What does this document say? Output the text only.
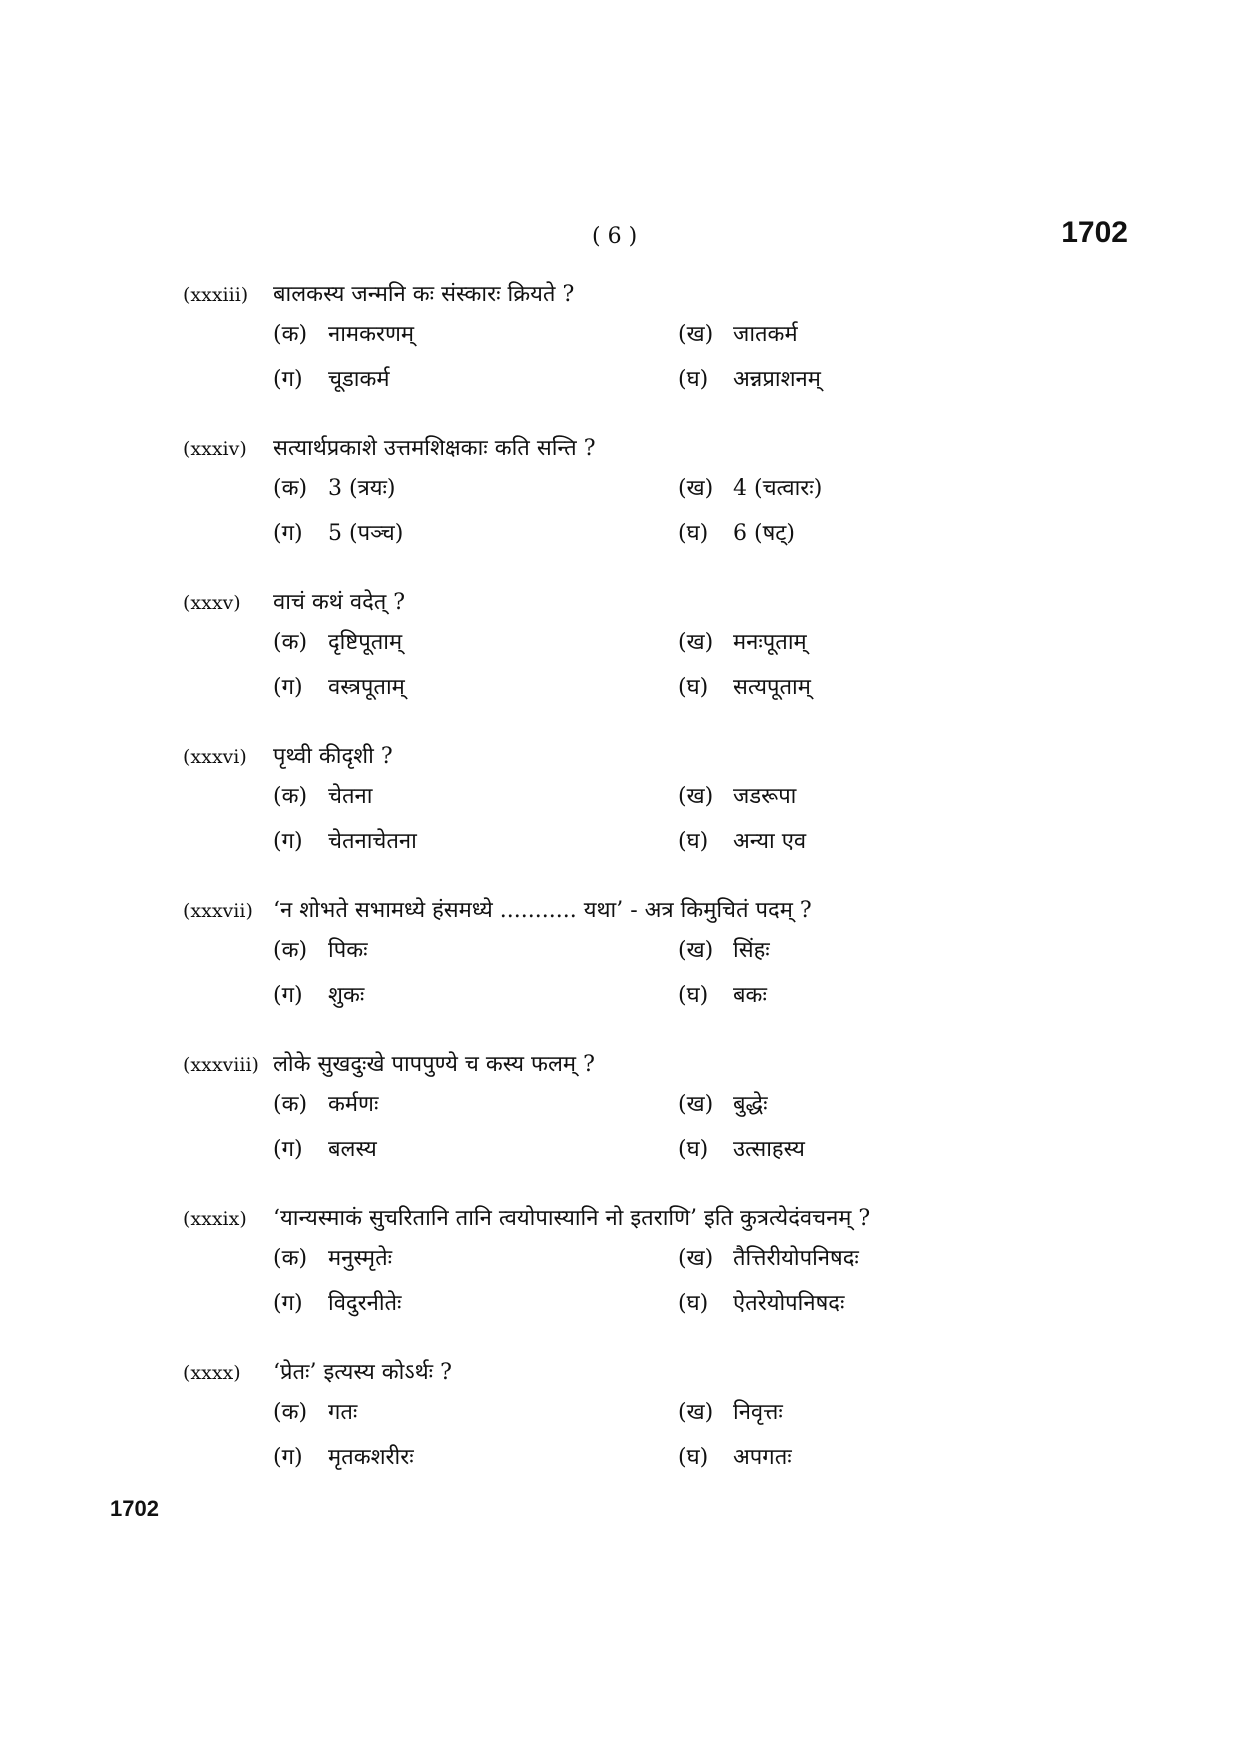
( 6 )	1702
(xxxiii)	बालकस्य जन्मनि कः संस्कारः क्रियते ?
(क) नामकरणम्	(ख) जातकर्म
(ग)	चूडाकर्म	(घ)	अन्नप्राशनम्
(xxxiv)	सत्यार्थप्रकाशे उत्तमशिक्षकाः कति सन्ति ?
(क) 3 (त्रयः)	(ख) 4 (चत्वारः)
(ग)	5 (पञ्च)	(घ)	6 (षट्)
(xxxv)	वाचं कथं वदेत् ?
(क) दृष्टिपूताम्	(ख) मनःपूताम्
(ग)	वस्त्रपूताम्	(घ)	सत्यपूताम्
(xxxvi)	पृथ्वी कीदृशी ?
(क) चेतना	(ख) जडरूपा
(ग)	चेतनाचेतना	(घ)	अन्या एव
(xxxvii) ‘न शोभते सभामध्ये हंसमध्ये ........... यथा’ - अत्र किमुचितं पदम् ?
(क) पिकः	(ख) सिंहः
(ग)	शुकः	(घ)	बकः
(xxxviii) लोके सुखदुःखे पापपुण्ये च कस्य फलम् ?
(क) कर्मणः	(ख) बुद्धेः
(ग)	बलस्य	(घ)	उत्साहस्य
(xxxix)	‘यान्यस्माकं सुचरितानि तानि त्वयोपास्यानि नो इतराणि’ इति कुत्रत्येदंवचनम् ?
(क) मनुस्मृतेः	(ख) तैत्तिरीयोपनिषदः
(ग)	विदुरनीतेः	(घ)	ऐतरेयोपनिषदः
(xxxx)	‘प्रेतः’ इत्यस्य कोऽर्थः ?
(क) गतः	(ख) निवृत्तः
(ग)	मृतकशरीरः	(घ)	अपगतः
1702
